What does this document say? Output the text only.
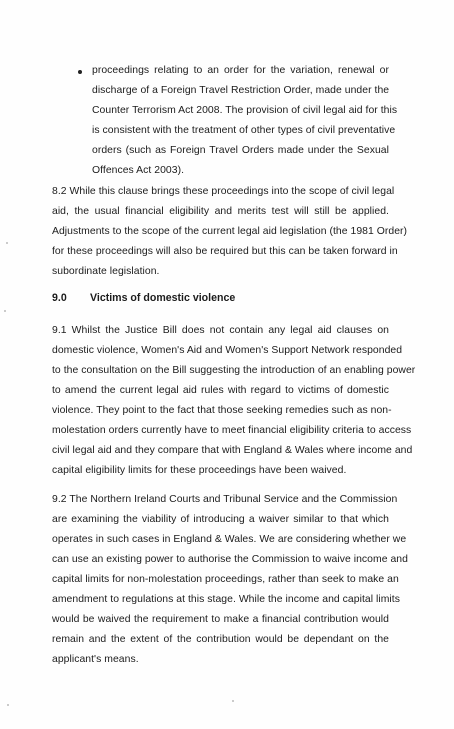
proceedings relating to an order for the variation, renewal or
discharge of a Foreign Travel Restriction Order, made under the
Counter Terrorism Act 2008. The provision of civil legal aid for this
is consistent with the treatment of other types of civil preventative
orders (such as Foreign Travel Orders made under the Sexual
Offences Act 2003).
8.2 While this clause brings these proceedings into the scope of civil legal
aid, the usual financial eligibility and merits test will still be applied.
Adjustments to the scope of the current legal aid legislation (the 1981 Order)
for these proceedings will also be required but this can be taken forward in
subordinate legislation.
9.0 Victims of domestic violence
9.1 Whilst the Justice Bill does not contain any legal aid clauses on
domestic violence, Women's Aid and Women's Support Network responded
to the consultation on the Bill suggesting the introduction of an enabling power
to amend the current legal aid rules with regard to victims of domestic
violence. They point to the fact that those seeking remedies such as non-
molestation orders currently have to meet financial eligibility criteria to access
civil legal aid and they compare that with England & Wales where income and
capital eligibility limits for these proceedings have been waived.
9.2 The Northern Ireland Courts and Tribunal Service and the Commission
are examining the viability of introducing a waiver similar to that which
operates in such cases in England & Wales. We are considering whether we
can use an existing power to authorise the Commission to waive income and
capital limits for non-molestation proceedings, rather than seek to make an
amendment to regulations at this stage. While the income and capital limits
would be waived the requirement to make a financial contribution would
remain and the extent of the contribution would be dependant on the
applicant's means.
